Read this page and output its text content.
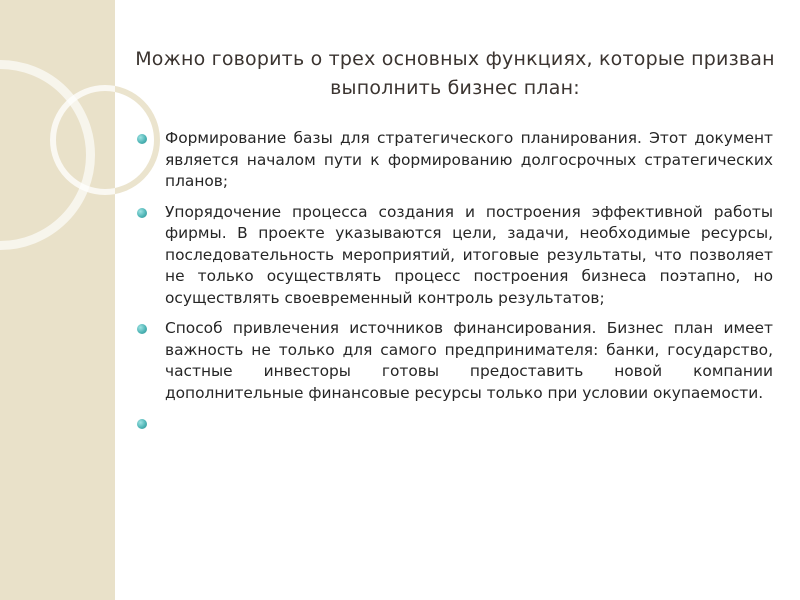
Можно говорить о трех основных функциях, которые призван выполнить бизнес план:
Формирование базы для стратегического планирования. Этот документ является началом пути к формированию долгосрочных стратегических планов;
Упорядочение процесса создания и построения эффективной работы фирмы. В проекте указываются цели, задачи, необходимые ресурсы, последовательность мероприятий, итоговые результаты, что позволяет не только осуществлять процесс построения бизнеса поэтапно, но осуществлять своевременный контроль результатов;
Способ привлечения источников финансирования. Бизнес план имеет важность не только для самого предпринимателя: банки, государство, частные инвесторы готовы предоставить новой компании дополнительные финансовые ресурсы только при условии окупаемости.
